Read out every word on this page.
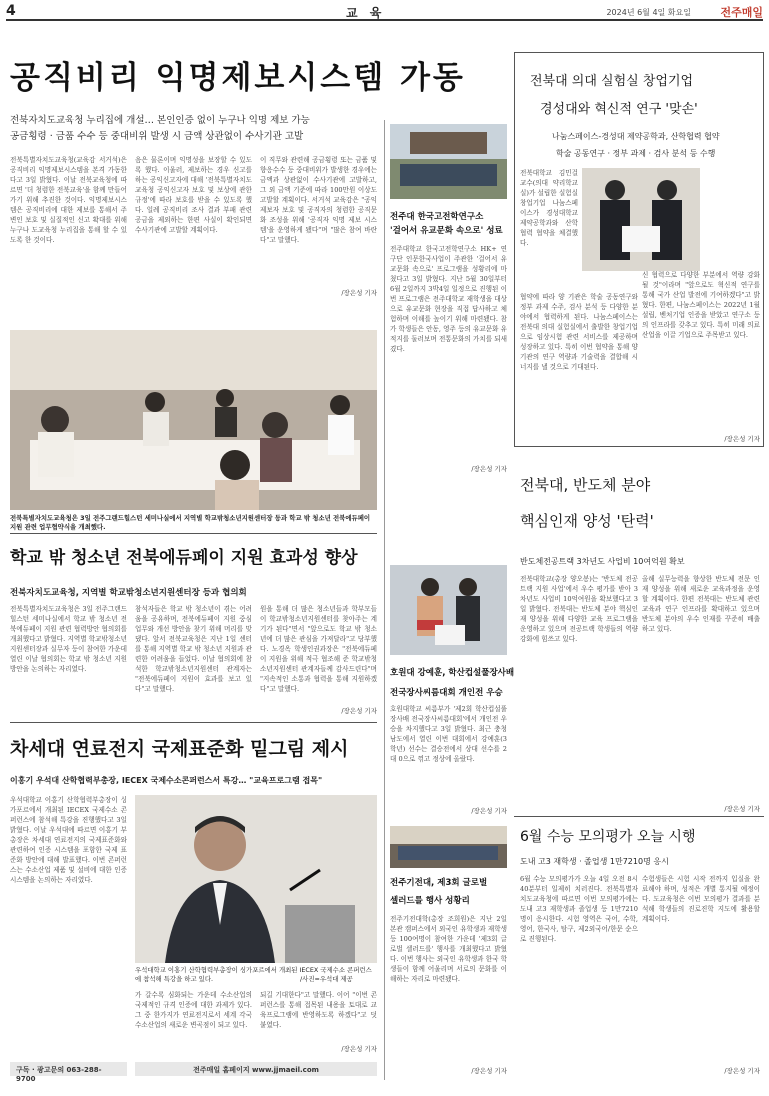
4	교 육	2024년 6월 4일 화요일	전주매일
공직비리 익명제보시스템 가동
전북자치도교육청 누리집에 개설… 본인인증 없이 누구나 익명 제보 가능
공금횡령 · 금품 수수 등 중대비위 발생 시 금액 상관없이 수사기관 고발
전북특별자치도교육청(교육감 서거석)은 공직비리 익명제보시스템을 본격 가동한다고 3일 밝혔다. 이날 전북교육청에 따르면 '더 청렴한 전북교육'을 함께 만들어 가기 위해 추진한 것이다. 익명제보시스템은 공직비리에 대한 제보를 통해서 주변인 보호 및 실질적인 신고 확대를 위해 누구나 도교육청 누리집을 통해 할 수 있도록 한 것이다.
음은 물론이며 익명성을 보장할 수 있도록 했다. 이울러, 제보하는 경우 신고를 하는 공익신고자에 대해 '전북특별자치도교육청 공익신고자 보호 및 보상에 관한 규정'에 따라 보호를 받을 수 있도록 했다. 일례 공직비리 조사 결과 부패 관련 공금을 제외하는 한편 사실이 확인되면 수사기관에 고발할 계획이다.
이 직무와 관련해 공금횡령 또는 금품 및 향응수수 등 중대비위가 발생한 경우에는 금액과 상관없이 수사기관에 고발하고, 그 외 금액 기준에 따라 100만원 이상도 고발할 계획이다. 서거석 교육감은 "공익제보자 보호 및 공직자의 청렴한 공직문화 조성을 위해 '공직자 익명 제보 시스템'을 운영하게 됐다"며 "많은 참여 바란다"고 말했다.
/장은성 기자
전북특별자치도교육청은 3일 전주그랜드힐스턴 세미나실에서 지역별 학교밖청소년지원센터장 등과 학교 밖 청소년 전북에듀페이 지원 관련 업무협약식을 개최했다.
학교 밖 청소년 전북에듀페이 지원 효과성 향상
전북자치도교육청, 지역별 학교밖청소년지원센터장 등과 협의회
전북특별자치도교육청은 3일 전주그랜드힐스턴 세미나실에서 학교 밖 청소년 전북에듀페이 지원 관련 협력방안 협의회를 개최했다고 밝혔다. 지역별 학교밖청소년지원센터장과 실무자 등이 참여한 가운데 열린 이날 협의회는 학교 밖 청소년 지원 방안을 논의하는 자리였다.
참석자들은 학교 밖 청소년이 겪는 어려움을 공유하며, 전북에듀페이 지원 중심 업무와 개선 방안을 찾기 위해 머리를 맞댔다. 앞서 전북교육청은 지난 1일 센터를 통해 지역별 학교 밖 청소년 지원과 관련한 어려움을 들었다. 이날 협의회에 참석한 학교밖청소년지원센터 관계자는 "전북에듀페이 지원이 효과를 보고 있다"고 말했다.
원을 통해 더 많은 청소년들과 학부모들이 학교밖청소년지원센터를 찾아주는 계기가 된다"면서 "앞으로도 학교 밖 청소년에 더 많은 관심을 가져달라"고 당부했다. 노경옥 학생인권과장은 "전북에듀페이 지원을 위해 적극 협조해 준 학교밖청소년지원센터 관계자들께 감사드린다"며 "지속적인 소통과 협력을 통해 지원하겠다"고 말했다.
/장은성 기자
차세대 연료전지 국제표준화 밑그림 제시
이홍기 우석대 산학협력부총장, IECEX 국제수소콘퍼런스서 특강… "교육프로그램 접목"
우석대학교 이홍기 산학협력부총장이 싱가포르에서 개최된 IECEX 국제수소 콘퍼런스에 참석해 특강을 진행했다고 3일 밝혔다. 이날 우석대에 따르면 이홍기 부총장은 차세대 연료전지의 국제표준화와 관련하여 인증 시스템을 포함한 국제 표준화 방안에 대해 발표했다. 이번 콘퍼런스는 수소산업 제품 및 설비에 대한 인증 시스템을 논의하는 자리였다.
우석대학교 이홍기 산학협력부총장이 싱가포르에서 개최된 IECEX 국제수소 콘퍼런스에 참석해 특강을 하고 있다.	/사진=우석대 제공
가 갈수록 심화되는 가운데 수소산업의 국제적인 규격 인증에 대한 과제가 있다. 그 중 한가지가 연료전지로서 세계 각국 수소산업의 새로운 변곡점이 되고 있다.
되길 기대한다"고 말했다. 이어 "이번 콘퍼런스를 통해 접목된 내용을 토대로 교육프로그램에 반영하도록 하겠다"고 덧붙였다.
/장은성 기자
구독 · 광고문의 063-288-9700
전주매일 홈페이지 www.jjmaeil.com
전주대 한국고전학연구소
'걸어서 유교문화 속으로' 성료
전주대학교 한국고전학연구소 HK+ 연구단 인문한국사업이 주관한 '걸어서 유교문화 속으로' 프로그램을 성황리에 마쳤다고 3일 밝혔다. 지난 5월 30일부터 6월 2일까지 3박4일 일정으로 진행된 이번 프로그램은 전주대학교 재학생을 대상으로 유교문화 현장을 직접 답사하고 체험하며 이해를 높이기 위해 마련됐다. 참가 학생들은 안동, 영주 등의 유교문화 유적지를 둘러보며 전통문화의 가치를 되새겼다.
/장은성 기자
호원대 강예훈, 학산컵설풀장사배
전국장사씨름대회 개인전 우승
호원대학교 씨름부가 '제2회 학산컵설풀장사배 전국장사씨름대회'에서 개인전 우승을 차지했다고 3일 밝혔다. 최근 충청남도에서 열린 이번 대회에서 강예훈(3학년) 선수는 결승전에서 상대 선수를 2대 0으로 꺾고 정상에 올랐다.
/장은성 기자
전주기전대, 제3회 글로벌
셀러드를 행사 성황리
전주기전대학(총장 조희원)은 지난 2일 본관 캠퍼스에서 외국인 유학생과 재학생 등 100여명이 참여한 가운데 '제3회 글로벌 셀러드를' 행사를 개최했다고 밝혔다. 이번 행사는 외국인 유학생과 한국 학생들이 함께 어울리며 서로의 문화를 이해하는 자리로 마련됐다.
/장은성 기자
전북대 의대 실험실 창업기업
경성대와 혁신적 연구 '맞손'
나눔스페이스-경성대 제약공학과, 산학협력 협약
학술 공동연구 · 정부 과제 · 검사 분석 등 수행
전북대학교 김민걸 교수(의대 약리학교실)가 설립한 실험실 창업기업 나눔스페이스가 경성대학교 제약공학과와 산학협력 협약을 체결했다.
협약에 따라 양 기관은 학술 공동연구와 정부 과제 수주, 검사 분석 등 다양한 분야에서 협력하게 된다. 나눔스페이스는 전북대 의대 실험실에서 출발한 창업기업으로 임상시험 관련 서비스를 제공하며 성장하고 있다. 특히 이번 협약을 통해 양 기관의 연구 역량과 기술력을 결합해 시너지를 낼 것으로 기대된다.
신 협력으로 다양한 부분에서 역량 강화될 것"이라며 "앞으로도 혁신적 연구를 통해 국가 산업 발전에 기여하겠다"고 밝혔다. 한편, 나눔스페이스는 2022년 1월 설립, 벤처기업 인증을 받았고 연구소 등의 인프라를 갖추고 있다. 특히 미래 의료산업을 이끌 기업으로 주목받고 있다.
/장은성 기자
전북대, 반도체 분야
핵심인재 양성 '탄력'
반도체전공트랙 3차년도 사업비 10여억원 확보
전북대학교(총장 양오봉)는 '반도체 전공트랙 지원 사업'에서 우수 평가를 받아 3차년도 사업비 10억여원을 확보했다고 3일 밝혔다. 전북대는 반도체 분야 핵심인재 양성을 위해 다양한 교육 프로그램을 운영하고 있으며 전공트랙 학생들의 역량 강화에 힘쓰고 있다.
올해 실무능력을 향상한 반도체 전문 인재 양성을 위해 새로운 교육과정을 운영할 계획이다. 한편 전북대는 반도체 관련 교육과 연구 인프라를 확대하고 있으며 반도체 분야의 우수 인재를 꾸준히 배출하고 있다.
/장은성 기자
6월 수능 모의평가 오늘 시행
도내 고3 재학생 · 졸업생 1만7210명 응시
6월 수능 모의평가가 오늘 4일 오전 8시 40분부터 일제히 치러진다. 전북특별자치도교육청에 따르면 이번 모의평가에는 도내 고3 재학생과 졸업생 등 1만7210명이 응시한다. 시험 영역은 국어, 수학, 영어, 한국사, 탐구, 제2외국어/한문 순으로 진행된다.
수험생들은 시험 시작 전까지 입실을 완료해야 하며, 성적은 개별 통지될 예정이다. 도교육청은 이번 모의평가 결과를 분석해 학생들의 진로진학 지도에 활용할 계획이다.
/장은성 기자
